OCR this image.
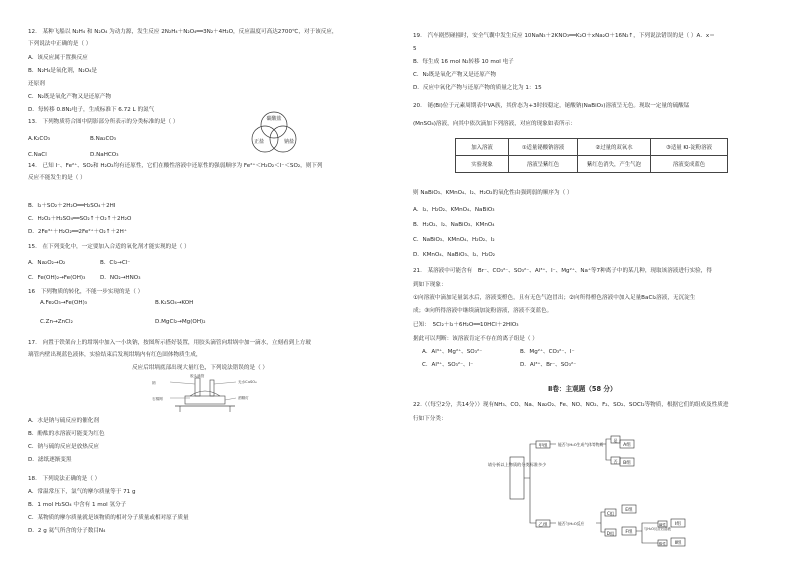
12.　某种飞船以 N₂H₄ 和 N₂O₄ 为动力源，发生反应 2N₂H₄＋N₂O₄══3N₂＋4H₂O，反应温度可高达2700℃，对于该反应，
下列说法中正确的是（ ）
A．该反应属于置换反应
B．N₂H₄是氧化剂，N₂O₄是
还原剂
C．N₂既是氧化产物又是还原产物
D．每转移 0.8N₂电子，生成标准下 6.72 L 的氮气
13.　下列物质符合图中阴影部分所表示的分类标准的是（ ）
A.K₂CO₃	B.Na₂CO₃
C.NaCl	D.NaHCO₃
碳酸盐
正盐	钠盐
14.　已知 I⁻、Fe²⁺、SO₂和 H₂O₂均有还原性，它们在酸性溶液中还原性的强弱顺序为 Fe²⁺＜H₂O₂＜I⁻＜SO₂，则下列
反应不能发生的是（ ）
B．I₂＋SO₂＋2H₂O══H₂SO₄＋2HI
C．H₂O₂＋H₂SO₄══SO₂↑＋O₂↑＋2H₂O
D．2Fe³⁺＋H₂O₂══2Fe²⁺＋O₂↑＋2H⁺
15.　在下列变化中，一定要加入合适的氧化剂才能实现的是（ ）
A．Na₂O₂→O₂	B．Cl₂→Cl⁻
C．Fe(OH)₂→Fe(OH)₃	D．NO₂→HNO₃
16　下列物质的转化，不能一步实现的是（ ）
A.Fe₂O₃→Fe(OH)₃	B.K₂SO₄→KOH
C.Zn→ZnCl₂	D.MgCl₂→Mg(OH)₂
17.　向置于铁架台上的坩埚中加入一小块钠，按图所示搭好装置，用胶头滴管向坩埚中加一滴水，立刻看到上方玻
璃管内壁出现蓝色液体，实验结束后发现坩埚内有红色固体物质生成，
反应后坩埚底部出现大量红色，下列说法错误的是（ ）
钠	无水CuSO₄
胶头滴管
石棉网	酒精灯
A．水是钠与硫反应的催化剂
B．酚酞的水溶液可能变为红色
C．钠与硫的反应是放热反应
D．滤纸逐渐变黑
18.　下列说法正确的是（ ）
A．常温常压下，氯气的摩尔质量等于 71 g
B．1 mol H₂SO₄ 中含有 1 mol 氢分子
C．某物质的摩尔质量就是该物质的相对分子质量或相对原子质量
D．2 g 氦气所含的分子数目N₄
19.　汽车剧烈碰撞时，安全气囊中发生反应 10NaN₃＋2KNO₃══K₂O＋xNa₂O＋16N₂↑，下列说法错误的是（ ）A．x＝
5
B．每生成 16 mol N₂转移 10 mol 电子
C．N₂既是氧化产物又是还原产物
D．反应中氧化产物与还原产物的质量之比为 1：15
20.　铋(Bi)位于元素周期表中VA族，其价态为+3时较稳定，铋酸钠(NaBiO₃)溶液呈无色。现取一定量的硫酸锰
(MnSO₄)溶液，向其中依次滴加下列溶液，对应的现象如表所示：
加入溶液	①适量铋酸钠溶液	②过量的双氧水	③适量 KI-淀粉溶液
实验现象	溶液呈紫红色	紫红色消失，产生气泡	溶液变成蓝色
则 NaBiO₃、KMnO₄、I₂、H₂O₂的氧化性由强到弱的顺序为（ ）
A．I₂、H₂O₂、KMnO₄、NaBiO₃
B．H₂O₂、I₂、NaBiO₃、KMnO₄
C．NaBiO₃、KMnO₄、H₂O₂、I₂
D．KMnO₄、NaBiO₃、I₂、H₂O₂
21.　某溶液中可能含有　Br⁻、CO₃²⁻、SO₃²⁻、Al³⁺、I⁻、Mg²⁺、Na⁺等7种离子中的某几种，现取该溶液进行实验，得
到如下现象：
①向溶液中滴加足量氯水后，溶液变橙色，且有无色气泡冒出；②向所得橙色溶液中加入足量BaCl₂溶液，无沉淀生
成；③向所得溶液中继续滴加淀粉溶液，溶液不变蓝色。
已知：　5Cl₂＋I₂＋6H₂O══10HCl＋2HIO₃
据此可以判断：该溶液肯定不存在的离子组是（ ）
A．Al³⁺、Mg²⁺、SO₃²⁻	B．Mg²⁺、CO₃²⁻、I⁻
C．Al³⁺、SO₃²⁻、I⁻	D．Al³⁺、Br⁻、SO₃²⁻
Ⅱ卷：主观题（58 分）
22.（（每空2分，共14分））现有NH₃、CO、Na、Na₂O₂、Fe、NO、NO₂、F₂、SO₂、SOCl₂等物质，根据它们的组成及性质进
行如下分类：
请分析以上物质的分类标准多少
甲组
乙组
能否与H₂O生成气体等物质
能否与H₂O反应
是
否
A组
B组
C组
D组
E组
F组
与H₂O反应后溶液
碱性
酸性
Ⅰ组
Ⅱ组
